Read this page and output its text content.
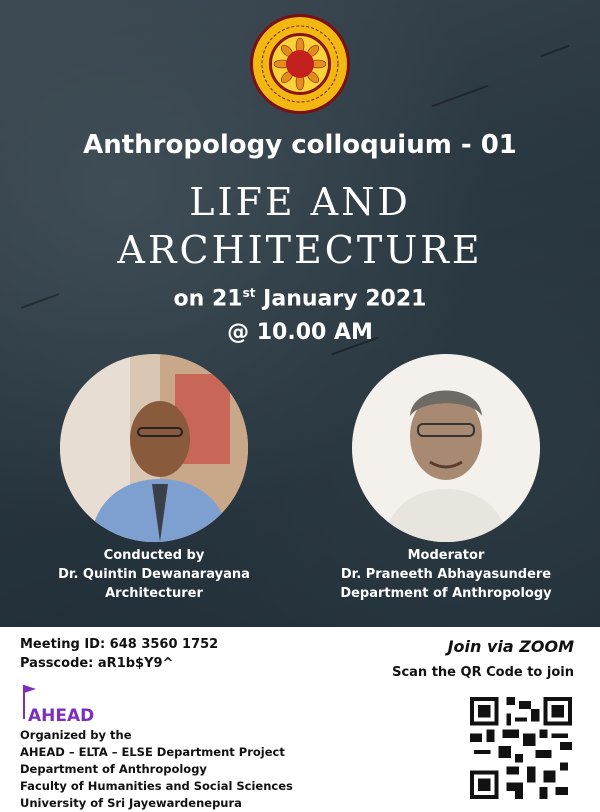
Anthropology colloquium - 01
LIFE AND
ARCHITECTURE
on 21st January 2021
@ 10.00 AM
Conducted by
Dr. Quintin Dewanarayana
Architecturer
Moderator
Dr. Praneeth Abhayasundere
Department of Anthropology
Meeting ID: 648 3560 1752
Passcode: aR1b$Y9^
AHEAD
Organized by the
AHEAD – ELTA – ELSE Department Project
Department of Anthropology
Faculty of Humanities and Social Sciences
University of Sri Jayewardenepura
Join via ZOOM
Scan the QR Code to join
